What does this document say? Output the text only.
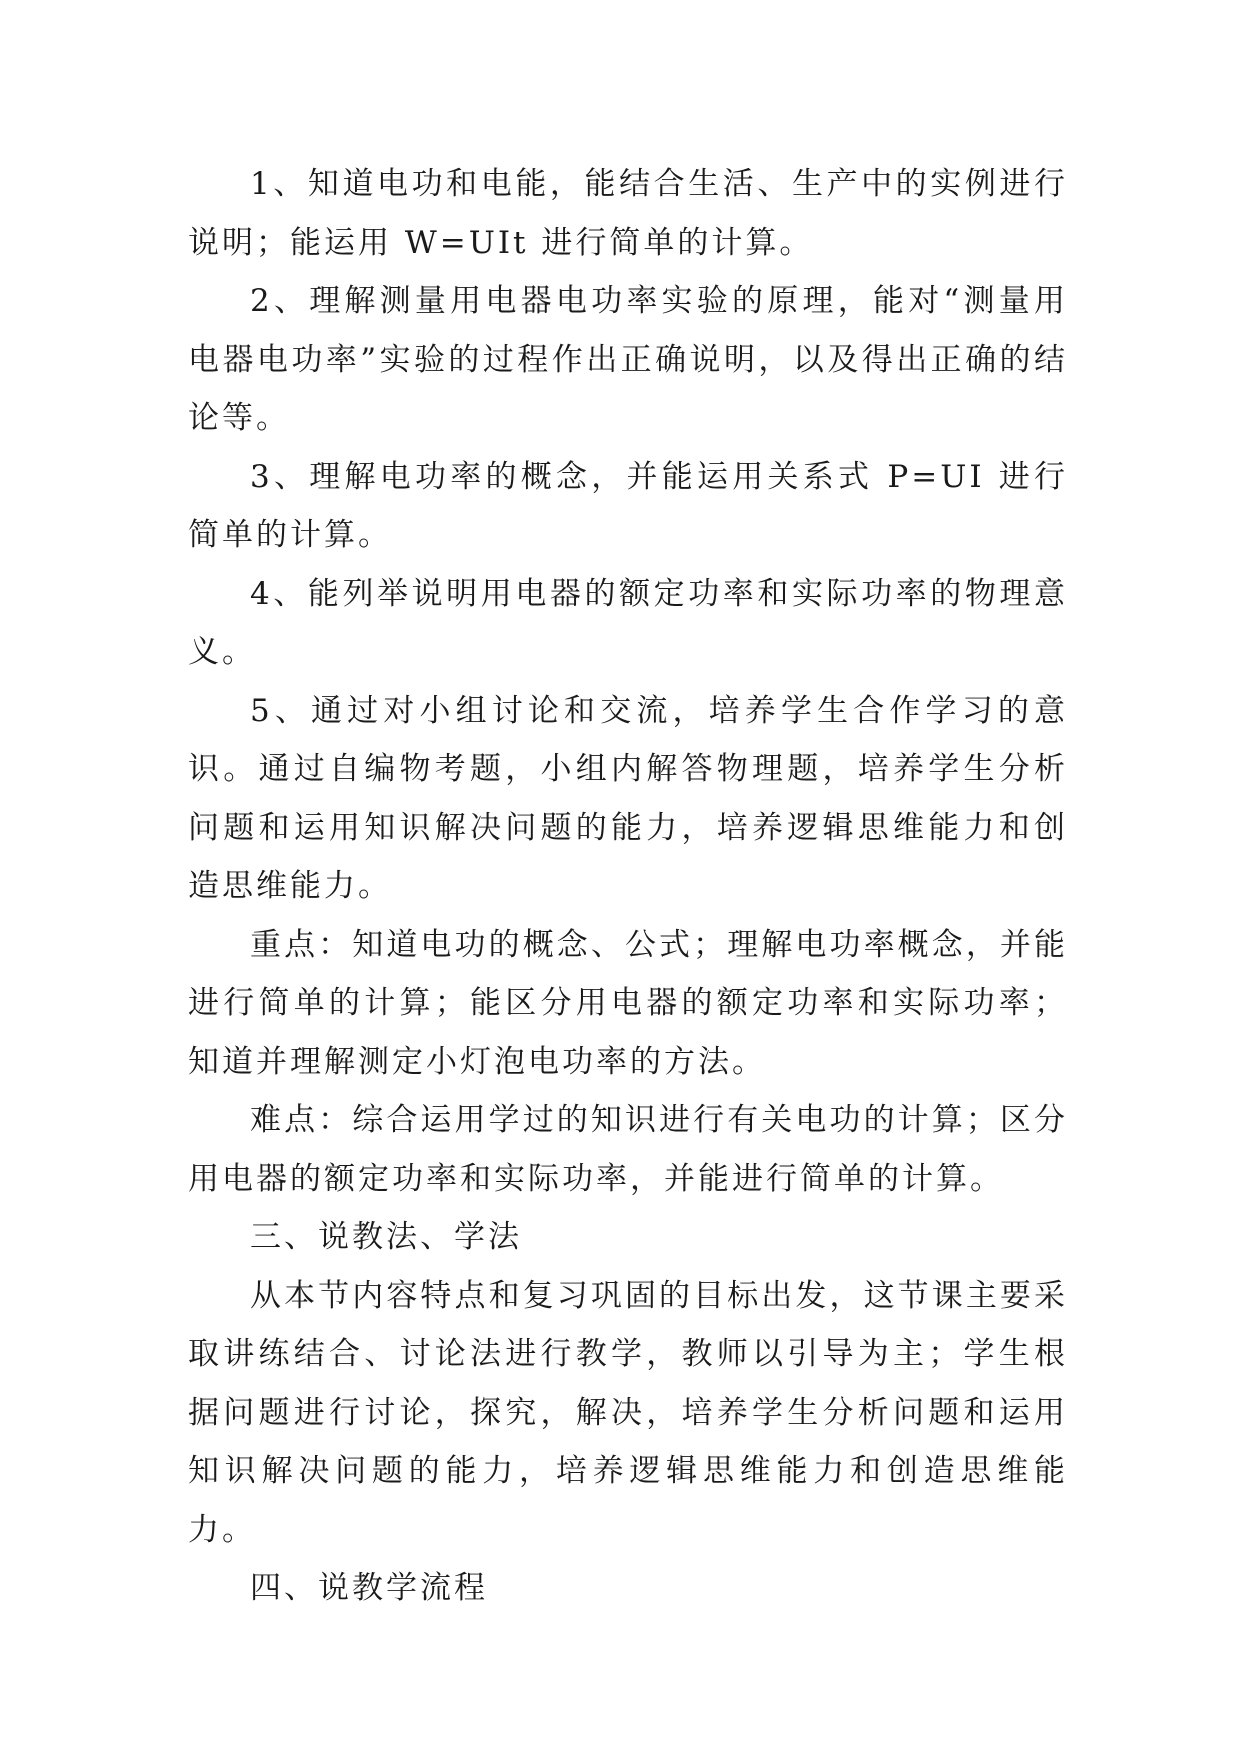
1、知道电功和电能，能结合生活、生产中的实例进行说明；能运用 W=UIt 进行简单的计算。

2、理解测量用电器电功率实验的原理，能对“测量用电器电功率”实验的过程作出正确说明，以及得出正确的结论等。

3、理解电功率的概念，并能运用关系式 P=UI 进行简单的计算。

4、能列举说明用电器的额定功率和实际功率的物理意义。

5、通过对小组讨论和交流，培养学生合作学习的意识。通过自编物考题，小组内解答物理题，培养学生分析问题和运用知识解决问题的能力，培养逻辑思维能力和创造思维能力。

重点：知道电功的概念、公式；理解电功率概念，并能进行简单的计算；能区分用电器的额定功率和实际功率；知道并理解测定小灯泡电功率的方法。

难点：综合运用学过的知识进行有关电功的计算；区分用电器的额定功率和实际功率，并能进行简单的计算。

三、说教法、学法

从本节内容特点和复习巩固的目标出发，这节课主要采取讲练结合、讨论法进行教学，教师以引导为主；学生根据问题进行讨论，探究，解决，培养学生分析问题和运用知识解决问题的能力，培养逻辑思维能力和创造思维能力。

四、说教学流程
